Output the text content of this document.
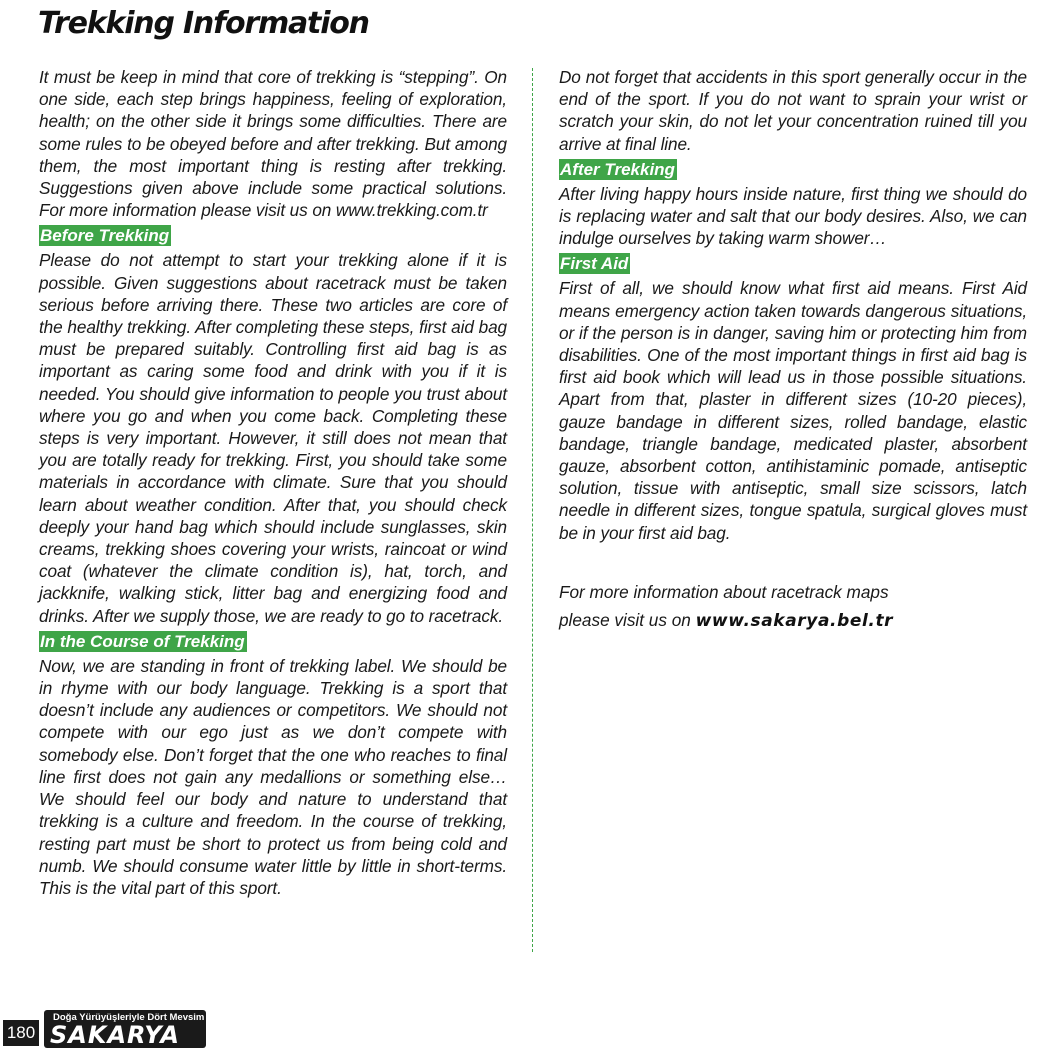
Trekking Information

It must be keep in mind that core of trekking is “stepping”. On one side, each step brings happiness, feeling of exploration, health; on the other side it brings some difficulties. There are some rules to be obeyed before and after trekking. But among them, the most important thing is resting after trekking. Suggestions given above include some practical solutions. For more information please visit us on www.trekking.com.tr

Before Trekking

Please do not attempt to start your trekking alone if it is possible. Given suggestions about racetrack must be taken serious before arriving there. These two articles are core of the healthy trekking. After completing these steps, first aid bag must be prepared suitably. Controlling first aid bag is as important as caring some food and drink with you if it is needed. You should give information to people you trust about where you go and when you come back. Completing these steps is very important. However, it still does not mean that you are totally ready for trekking. First, you should take some materials in accordance with climate. Sure that you should learn about weather condition. After that, you should check deeply your hand bag which should include sunglasses, skin creams, trekking shoes covering your wrists, raincoat or wind coat (whatever the climate condition is), hat, torch, and jackknife, walking stick, litter bag and energizing food and drinks. After we supply those, we are ready to go to racetrack.

In the Course of Trekking

Now, we are standing in front of trekking label. We should be in rhyme with our body language. Trekking is a sport that doesn’t include any audiences or competitors. We should not compete with our ego just as we don’t compete with somebody else. Don’t forget that the one who reaches to final line first does not gain any medallions or something else… We should feel our body and nature to understand that trekking is a culture and freedom. In the course of trekking, resting part must be short to protect us from being cold and numb. We should consume water little by little in short-terms. This is the vital part of this sport.

Do not forget that accidents in this sport generally occur in the end of the sport. If you do not want to sprain your wrist or scratch your skin, do not let your concentration ruined till you arrive at final line.

After Trekking

After living happy hours inside nature, first thing we should do is replacing water and salt that our body desires. Also, we can indulge ourselves by taking warm shower…

First Aid

First of all, we should know what first aid means. First Aid means emergency action taken towards dangerous situations, or if the person is in danger, saving him or protecting him from disabilities. One of the most important things in first aid bag is first aid book which will lead us in those possible situations. Apart from that, plaster in different sizes (10-20 pieces), gauze bandage in different sizes, rolled bandage, elastic bandage, triangle bandage, medicated plaster, absorbent gauze, absorbent cotton, antihistaminic pomade, antiseptic solution, tissue with antiseptic, small size scissors, latch needle in different sizes, tongue spatula, surgical gloves must be in your first aid bag.

For more information about racetrack maps

please visit us on www.sakarya.bel.tr

180
Doğa Yürüyüşleriyle Dört Mevsim
SAKARYA
